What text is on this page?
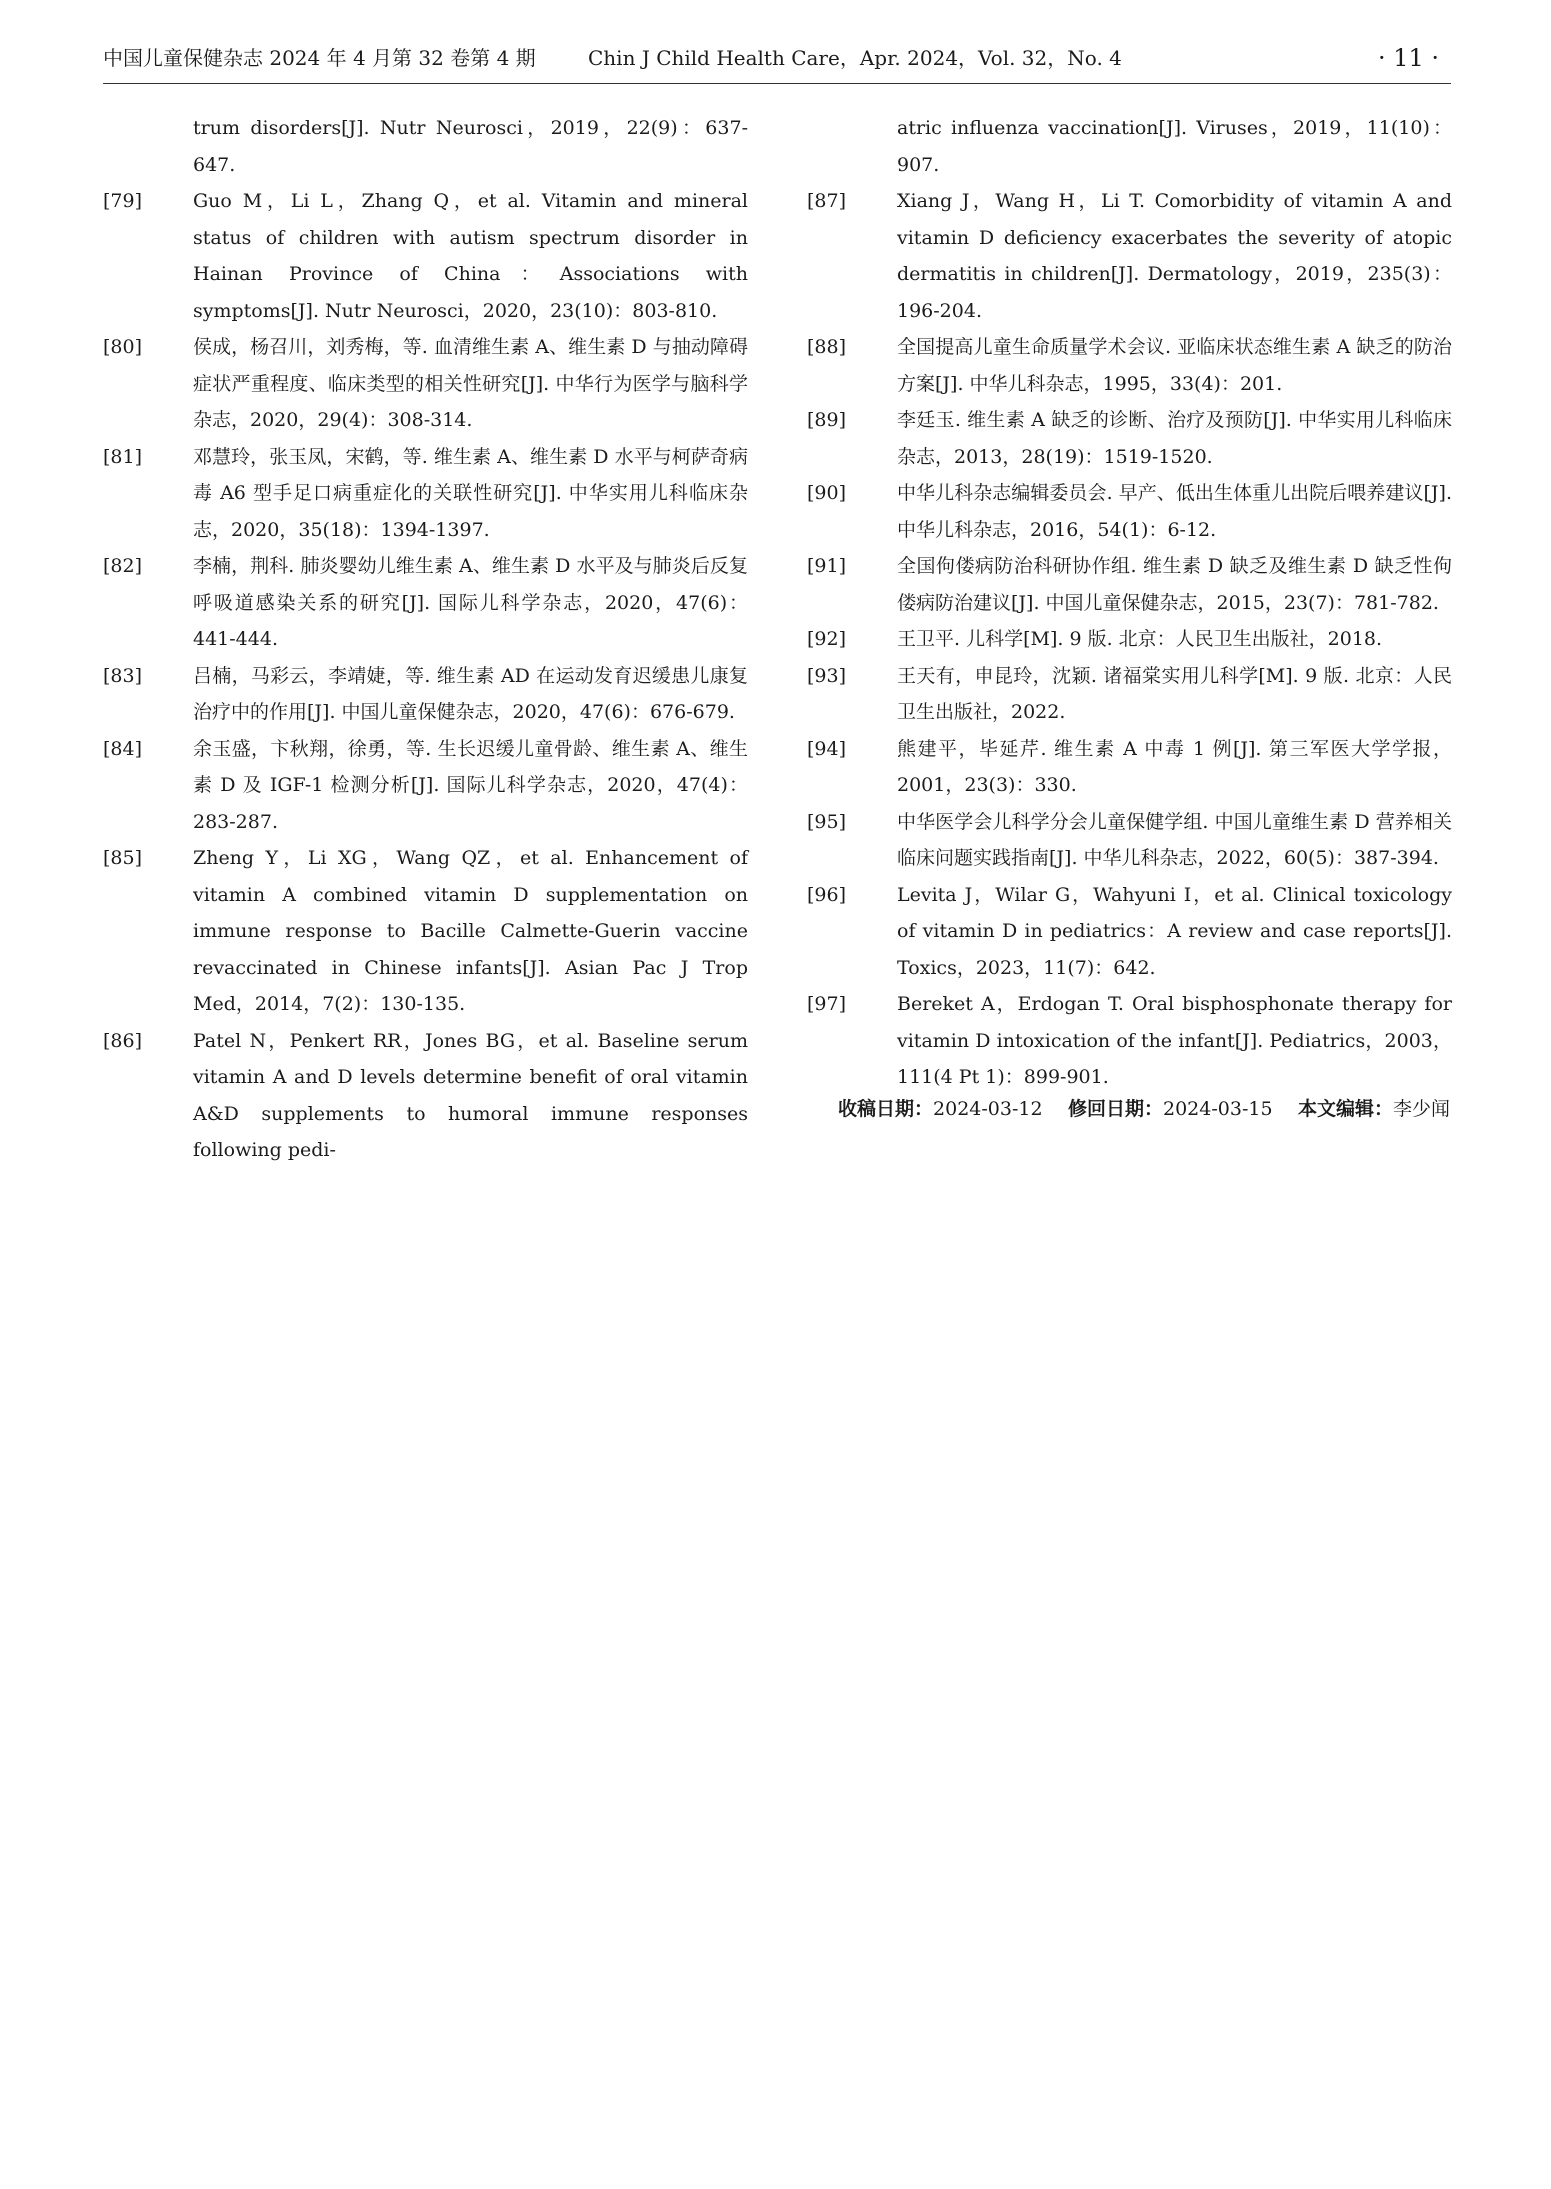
中国儿童保健杂志 2024 年 4 月第 32 卷第 4 期	Chin J Child Health Care，Apr. 2024，Vol. 32，No. 4	· 11 ·
trum disorders[J]. Nutr Neurosci，2019，22(9)：637-647.
[79]	Guo M，Li L，Zhang Q，et al. Vitamin and mineral status of children with autism spectrum disorder in Hainan Province of China：Associations with symptoms[J]. Nutr Neurosci，2020，23(10)：803-810.
[80]	侯成，杨召川，刘秀梅，等. 血清维生素 A、维生素 D 与抽动障碍症状严重程度、临床类型的相关性研究[J]. 中华行为医学与脑科学杂志，2020，29(4)：308-314.
[81]	邓慧玲，张玉凤，宋鹤，等. 维生素 A、维生素 D 水平与柯萨奇病毒 A6 型手足口病重症化的关联性研究[J]. 中华实用儿科临床杂志，2020，35(18)：1394-1397.
[82]	李楠，荆科. 肺炎婴幼儿维生素 A、维生素 D 水平及与肺炎后反复呼吸道感染关系的研究[J]. 国际儿科学杂志，2020，47(6)：441-444.
[83]	吕楠，马彩云，李靖婕，等. 维生素 AD 在运动发育迟缓患儿康复治疗中的作用[J]. 中国儿童保健杂志，2020，47(6)：676-679.
[84]	余玉盛，卞秋翔，徐勇，等. 生长迟缓儿童骨龄、维生素 A、维生素 D 及 IGF-1 检测分析[J]. 国际儿科学杂志，2020，47(4)：283-287.
[85]	Zheng Y，Li XG，Wang QZ，et al. Enhancement of vitamin A combined vitamin D supplementation on immune response to Bacille Calmette-Guerin vaccine revaccinated in Chinese infants[J]. Asian Pac J Trop Med，2014，7(2)：130-135.
[86]	Patel N，Penkert RR，Jones BG，et al. Baseline serum vitamin A and D levels determine benefit of oral vitamin A&D supplements to humoral immune responses following pedi-
atric influenza vaccination[J]. Viruses，2019，11(10)：907.
[87]	Xiang J，Wang H，Li T. Comorbidity of vitamin A and vitamin D deficiency exacerbates the severity of atopic dermatitis in children[J]. Dermatology，2019，235(3)：196-204.
[88]	全国提高儿童生命质量学术会议. 亚临床状态维生素 A 缺乏的防治方案[J]. 中华儿科杂志，1995，33(4)：201.
[89]	李廷玉. 维生素 A 缺乏的诊断、治疗及预防[J]. 中华实用儿科临床杂志，2013，28(19)：1519-1520.
[90]	中华儿科杂志编辑委员会. 早产、低出生体重儿出院后喂养建议[J]. 中华儿科杂志，2016，54(1)：6-12.
[91]	全国佝偻病防治科研协作组. 维生素 D 缺乏及维生素 D 缺乏性佝偻病防治建议[J]. 中国儿童保健杂志，2015，23(7)：781-782.
[92]	王卫平. 儿科学[M]. 9 版. 北京：人民卫生出版社，2018.
[93]	王天有，申昆玲，沈颖. 诸福棠实用儿科学[M]. 9 版. 北京：人民卫生出版社，2022.
[94]	熊建平，毕延芹. 维生素 A 中毒 1 例[J]. 第三军医大学学报，2001，23(3)：330.
[95]	中华医学会儿科学分会儿童保健学组. 中国儿童维生素 D 营养相关临床问题实践指南[J]. 中华儿科杂志，2022，60(5)：387-394.
[96]	Levita J，Wilar G，Wahyuni I，et al. Clinical toxicology of vitamin D in pediatrics：A review and case reports[J]. Toxics，2023，11(7)：642.
[97]	Bereket A，Erdogan T. Oral bisphosphonate therapy for vitamin D intoxication of the infant[J]. Pediatrics，2003，111(4 Pt 1)：899-901.
收稿日期：2024-03-12 修回日期：2024-03-15 本文编辑：李少闻
